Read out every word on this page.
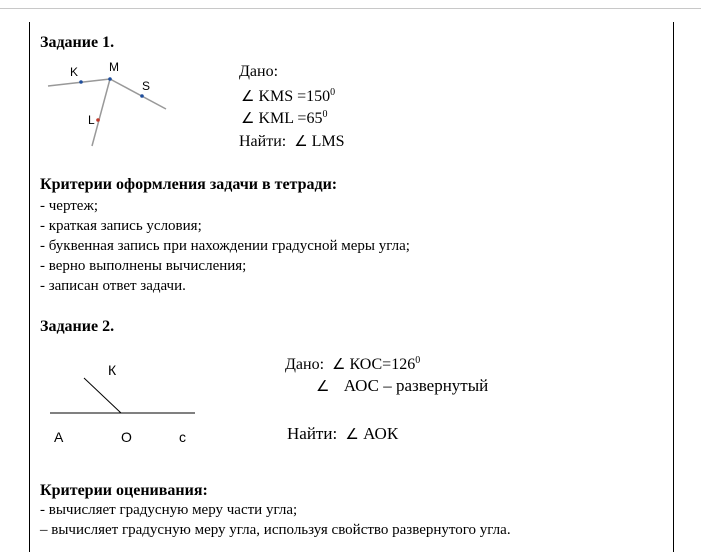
Задание 1.
K	M
S
L
К
А	О	с
Дано:
∠ KMS $=150^0$
∠ KML $=65^0$
Найти: ∠ LMS
Критерии оформления задачи в тетради:
- чертеж;
- краткая запись условия;
- буквенная запись при нахождении градусной меры угла;
- верно выполнены вычисления;
- записан ответ задачи.
Задание 2.
Дано: ∠ $КОС=126^0$
∠ АОС – развернутый
Найти: ∠ АОК
Критерии оценивания:
- вычисляет градусную меру части угла;
– вычисляет градусную меру угла, используя свойство развернутого угла.
